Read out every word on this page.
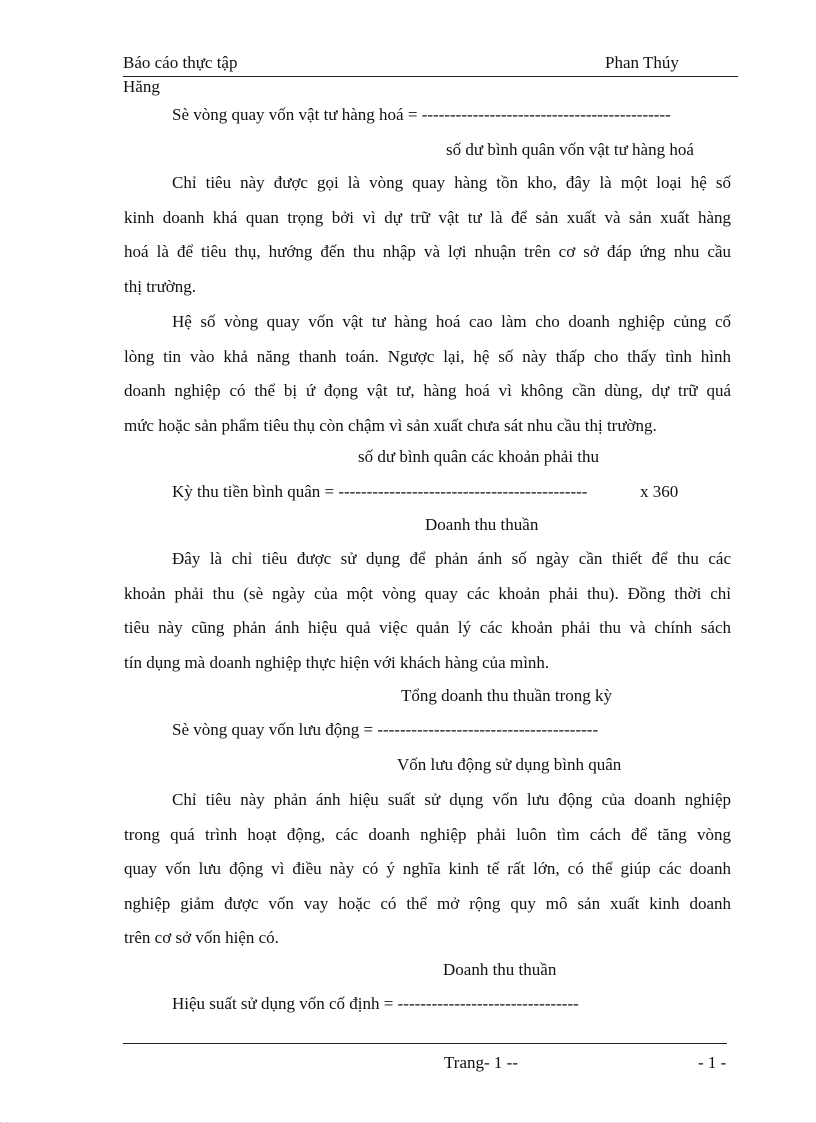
Báo cáo thực tập	Phan Thúy
Hăng
Sè vòng quay vốn vật tư hàng hoá = --------------------------------------------
số dư bình quân vốn vật tư hàng hoá
Chỉ tiêu này được gọi là vòng quay hàng tồn kho, đây là một loại hệ số
kinh doanh khá quan trọng bởi vì dự trữ vật tư là để sản xuất và sản xuất hàng
hoá là để tiêu thụ, hướng đến thu nhập và lợi nhuận trên cơ sở đáp ứng nhu cầu
thị trường.
Hệ số vòng quay vốn vật tư hàng hoá cao làm cho doanh nghiệp củng cố
lòng tin vào khả năng thanh toán. Ngược lại, hệ số này thấp cho thấy tình hình
doanh nghiệp có thể bị ứ đọng vật tư, hàng hoá vì không cần dùng, dự trữ quá
mức hoặc sản phẩm tiêu thụ còn chậm vì sản xuất chưa sát nhu cầu thị trường.
số dư bình quân các khoản phải thu
Kỳ thu tiền bình quân = --------------------------------------------	x 360
Doanh thu thuần
Đây là chỉ tiêu được sử dụng để phản ánh số ngày cần thiết để thu các
khoản phải thu (sè ngày của một vòng quay các khoản phải thu). Đồng thời chỉ
tiêu này cũng phản ánh hiệu quả việc quản lý các khoản phải thu và chính sách
tín dụng mà doanh nghiệp thực hiện với khách hàng của mình.
Tổng doanh thu thuần trong kỳ
Sè vòng quay vốn lưu động = ---------------------------------------
Vốn lưu động sử dụng bình quân
Chỉ tiêu này phản ánh hiệu suất sử dụng vốn lưu động của doanh nghiệp
trong quá trình hoạt động, các doanh nghiệp phải luôn tìm cách để tăng vòng
quay vốn lưu động vì điều này có ý nghĩa kinh tế rất lớn, có thể giúp các doanh
nghiệp giảm được vốn vay hoặc có thể mở rộng quy mô sản xuất kinh doanh
trên cơ sở vốn hiện có.
Doanh thu thuần
Hiệu suất sử dụng vốn cố định = --------------------------------
Trang- 1 --	- 1 -
